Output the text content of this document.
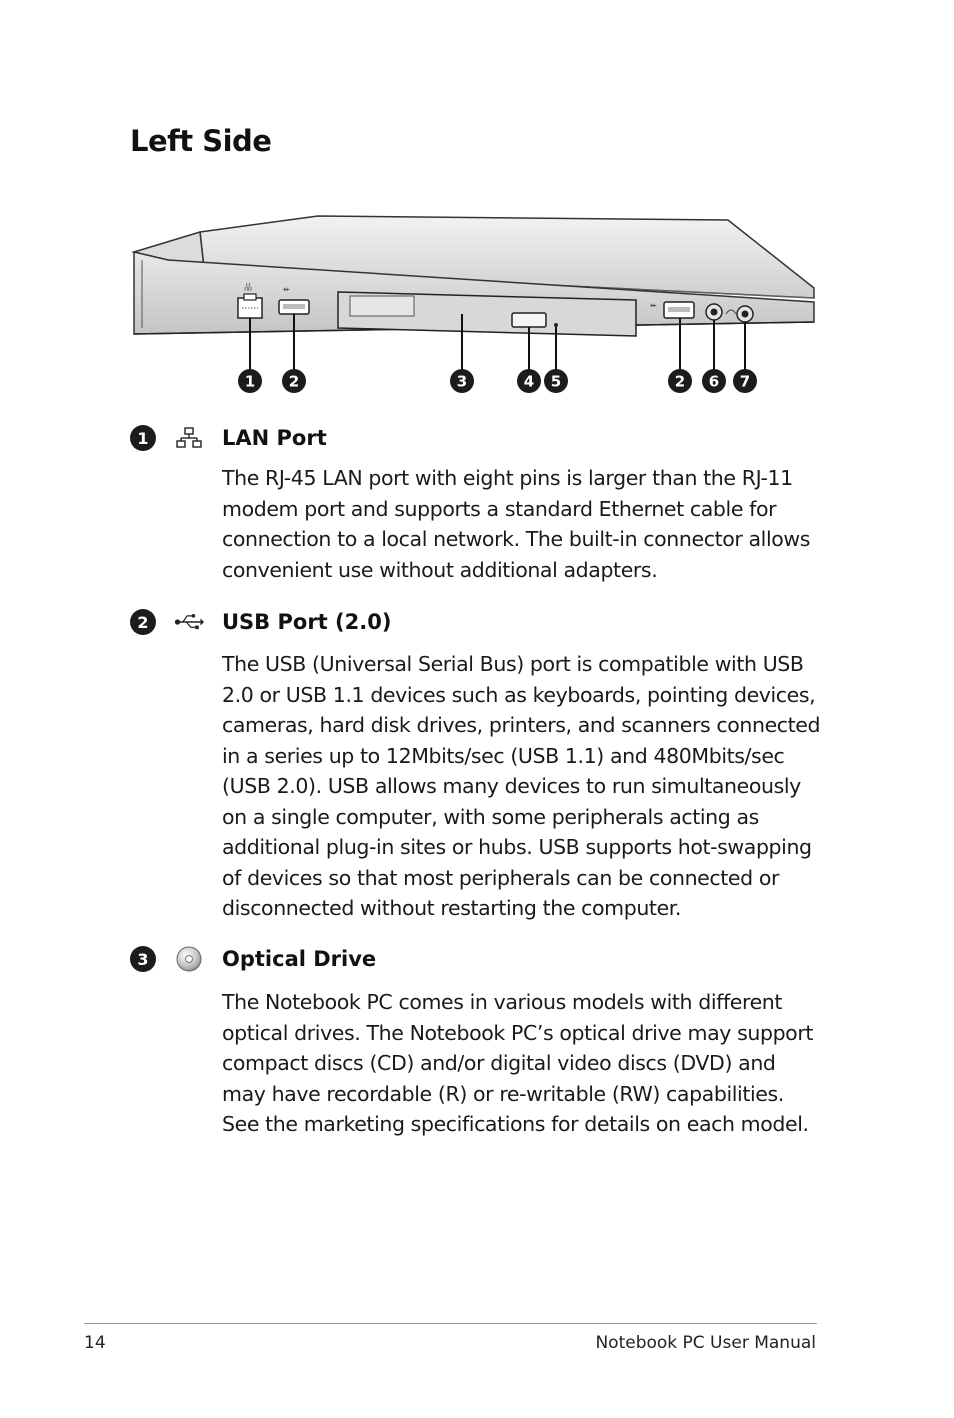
Left Side
品	⇷
⇷
1 2	3	4 5	2 6 7
1	LAN Port

The RJ-45 LAN port with eight pins is larger than the RJ-11 modem port and supports a standard Ethernet cable for connection to a local network. The built-in connector allows convenient use without additional adapters.

2	USB Port (2.0)

The USB (Universal Serial Bus) port is compatible with USB 2.0 or USB 1.1 devices such as keyboards, pointing devices, cameras, hard disk drives, printers, and scanners connected in a series up to 12Mbits/sec (USB 1.1) and 480Mbits/sec (USB 2.0). USB allows many devices to run simultaneously on a single computer, with some peripherals acting as additional plug-in sites or hubs. USB supports hot-swapping of devices so that most peripherals can be connected or disconnected without restarting the computer.

3	Optical Drive

The Notebook PC comes in various models with different optical drives. The Notebook PC’s optical drive may support compact discs (CD) and/or digital video discs (DVD) and may have recordable (R) or re-writable (RW) capabilities. See the marketing specifications for details on each model.

14	Notebook PC User Manual
